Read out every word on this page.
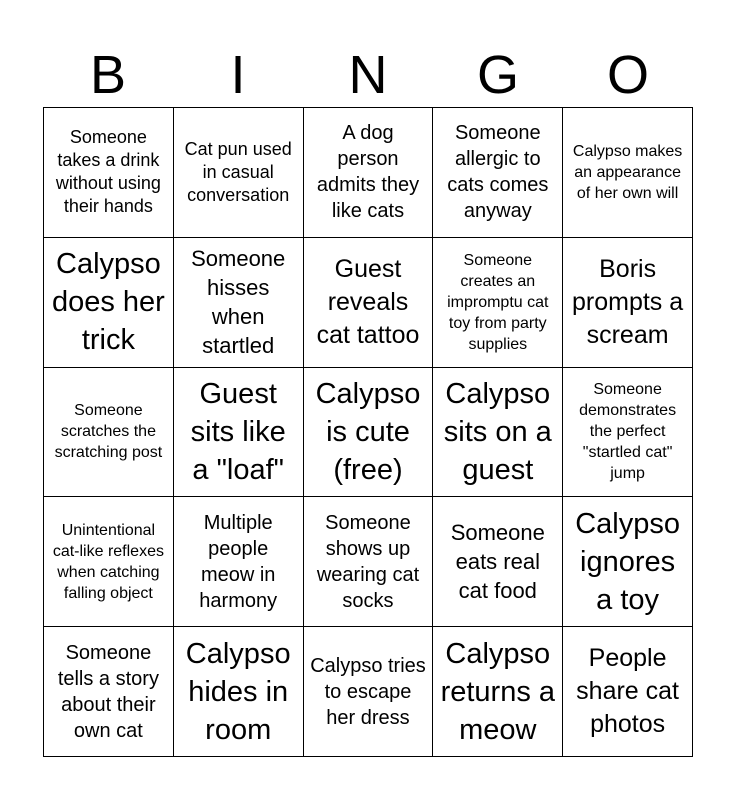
B	I	N	G	O
Someone takes a drink without using their hands
Cat pun used in casual conversation
A dog person admits they like cats
Someone allergic to cats comes anyway
Calypso makes an appearance of her own will
Calypso does her trick
Someone hisses when startled
Guest reveals cat tattoo
Someone creates an impromptu cat toy from party supplies
Boris prompts a scream
Someone scratches the scratching post
Guest sits like a "loaf"
Calypso is cute (free)
Calypso sits on a guest
Someone demonstrates the perfect "startled cat" jump
Unintentional cat-like reflexes when catching falling object
Multiple people meow in harmony
Someone shows up wearing cat socks
Someone eats real cat food
Calypso ignores a toy
Someone tells a story about their own cat
Calypso hides in room
Calypso tries to escape her dress
Calypso returns a meow
People share cat photos
